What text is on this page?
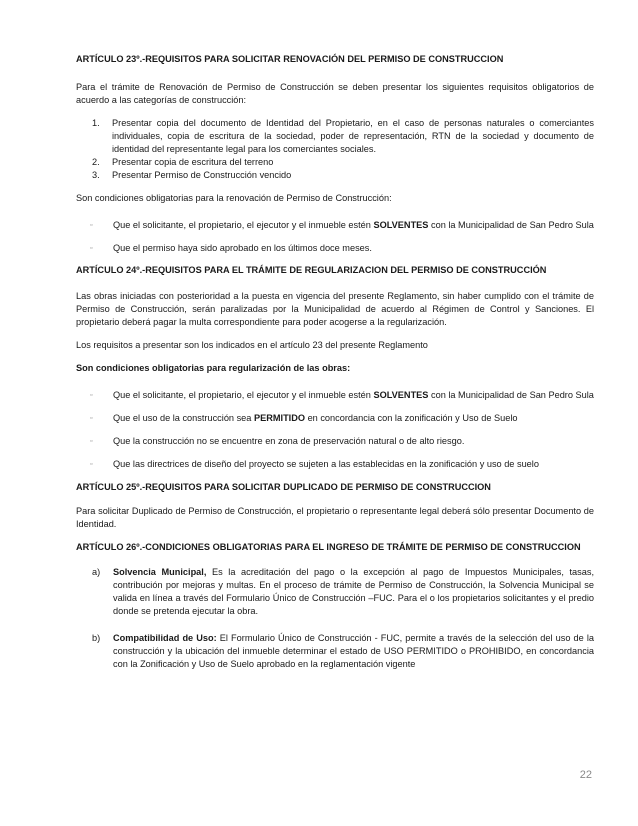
ARTÍCULO 23º.-REQUISITOS PARA SOLICITAR RENOVACIÓN DEL PERMISO DE CONSTRUCCION
Para el trámite de Renovación de Permiso de Construcción se deben presentar los siguientes requisitos obligatorios de acuerdo a las categorías de construcción:
1.	Presentar copia del documento de Identidad del Propietario, en el caso de personas naturales o comerciantes individuales, copia de escritura de la sociedad, poder de representación, RTN de la sociedad y documento de identidad del representante legal para los comerciantes sociales.
2.	Presentar copia de escritura del terreno
3.	Presentar Permiso de Construcción vencido
Son condiciones obligatorias para la renovación de Permiso de Construcción:
▫	Que el solicitante, el propietario, el ejecutor y el inmueble estén SOLVENTES con la Municipalidad de San Pedro Sula
▫	Que el permiso haya sido aprobado en los últimos doce meses.
ARTÍCULO 24º.-REQUISITOS PARA EL TRÁMITE DE REGULARIZACION DEL PERMISO DE CONSTRUCCIÓN
Las obras iniciadas con posterioridad a la puesta en vigencia del presente Reglamento, sin haber cumplido con el trámite de Permiso de Construcción, serán paralizadas por la Municipalidad de acuerdo al Régimen de Control y Sanciones. El propietario deberá pagar la multa correspondiente para poder acogerse a la regularización.
Los requisitos a presentar son los indicados en el artículo 23 del presente Reglamento
Son condiciones obligatorias para regularización de las obras:
▫	Que el solicitante, el propietario, el ejecutor y el inmueble estén SOLVENTES con la Municipalidad de San Pedro Sula
▫	Que el uso de la construcción sea PERMITIDO en concordancia con la zonificación y Uso de Suelo
▫	Que la construcción no se encuentre en zona de preservación natural o de alto riesgo.
▫	Que las directrices de diseño del proyecto se sujeten a las establecidas en la zonificación y uso de suelo
ARTÍCULO 25º.-REQUISITOS PARA SOLICITAR DUPLICADO DE PERMISO DE CONSTRUCCION
Para solicitar Duplicado de Permiso de Construcción, el propietario o representante legal deberá sólo presentar Documento de Identidad.
ARTÍCULO 26º.-CONDICIONES OBLIGATORIAS PARA EL INGRESO DE TRÁMITE DE PERMISO DE CONSTRUCCION
a)	Solvencia Municipal, Es la acreditación del pago o la excepción al pago de Impuestos Municipales, tasas, contribución por mejoras y multas. En el proceso de trámite de Permiso de Construcción, la Solvencia Municipal se valida en línea a través del Formulario Único de Construcción –FUC. Para el o los propietarios solicitantes y el predio donde se pretenda ejecutar la obra.
b)	Compatibilidad de Uso: El Formulario Único de Construcción - FUC, permite a través de la selección del uso de la construcción y la ubicación del inmueble determinar el estado de USO PERMITIDO o PROHIBIDO, en concordancia con la Zonificación y Uso de Suelo aprobado en la reglamentación vigente
22
